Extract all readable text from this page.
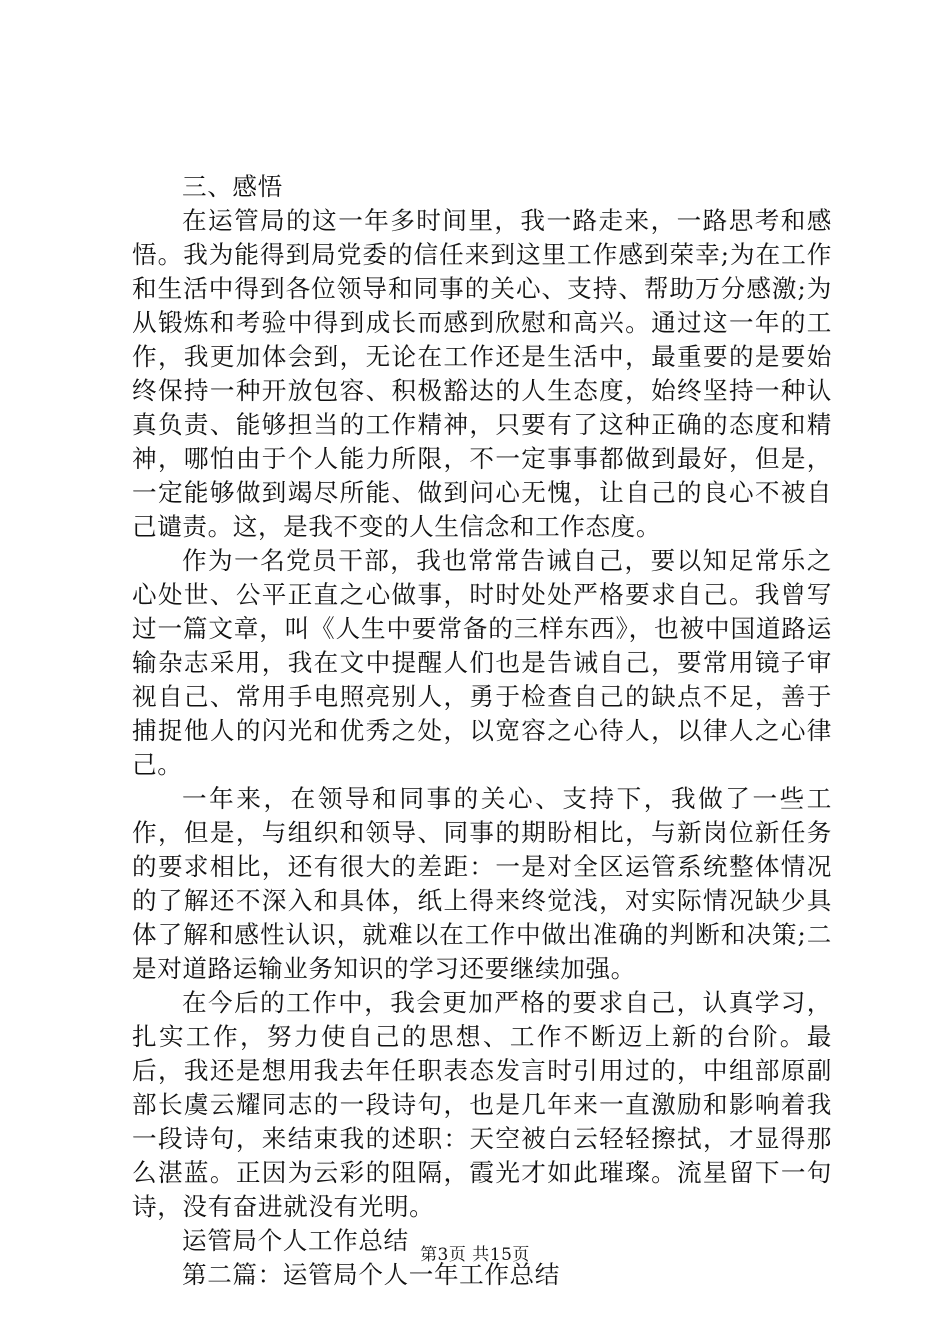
三、感悟

在运管局的这一年多时间里，我一路走来，一路思考和感悟。我为能得到局党委的信任来到这里工作感到荣幸;为在工作和生活中得到各位领导和同事的关心、支持、帮助万分感激;为从锻炼和考验中得到成长而感到欣慰和高兴。通过这一年的工作，我更加体会到，无论在工作还是生活中，最重要的是要始终保持一种开放包容、积极豁达的人生态度，始终坚持一种认真负责、能够担当的工作精神，只要有了这种正确的态度和精神，哪怕由于个人能力所限，不一定事事都做到最好，但是，一定能够做到竭尽所能、做到问心无愧，让自己的良心不被自己谴责。这，是我不变的人生信念和工作态度。

作为一名党员干部，我也常常告诫自己，要以知足常乐之心处世、公平正直之心做事，时时处处严格要求自己。我曾写过一篇文章，叫《人生中要常备的三样东西》，也被中国道路运输杂志采用，我在文中提醒人们也是告诫自己，要常用镜子审视自己、常用手电照亮别人，勇于检查自己的缺点不足，善于捕捉他人的闪光和优秀之处，以宽容之心待人，以律人之心律己。

一年来，在领导和同事的关心、支持下，我做了一些工作，但是，与组织和领导、同事的期盼相比，与新岗位新任务的要求相比，还有很大的差距：一是对全区运管系统整体情况的了解还不深入和具体，纸上得来终觉浅，对实际情况缺少具体了解和感性认识，就难以在工作中做出准确的判断和决策;二是对道路运输业务知识的学习还要继续加强。

在今后的工作中，我会更加严格的要求自己，认真学习，扎实工作，努力使自己的思想、工作不断迈上新的台阶。最后，我还是想用我去年任职表态发言时引用过的，中组部原副部长虞云耀同志的一段诗句，也是几年来一直激励和影响着我一段诗句，来结束我的述职：天空被白云轻轻擦拭，才显得那么湛蓝。正因为云彩的阻隔，霞光才如此璀璨。流星留下一句诗，没有奋进就没有光明。

运管局个人工作总结

第二篇：运管局个人一年工作总结

第3页 共15页
